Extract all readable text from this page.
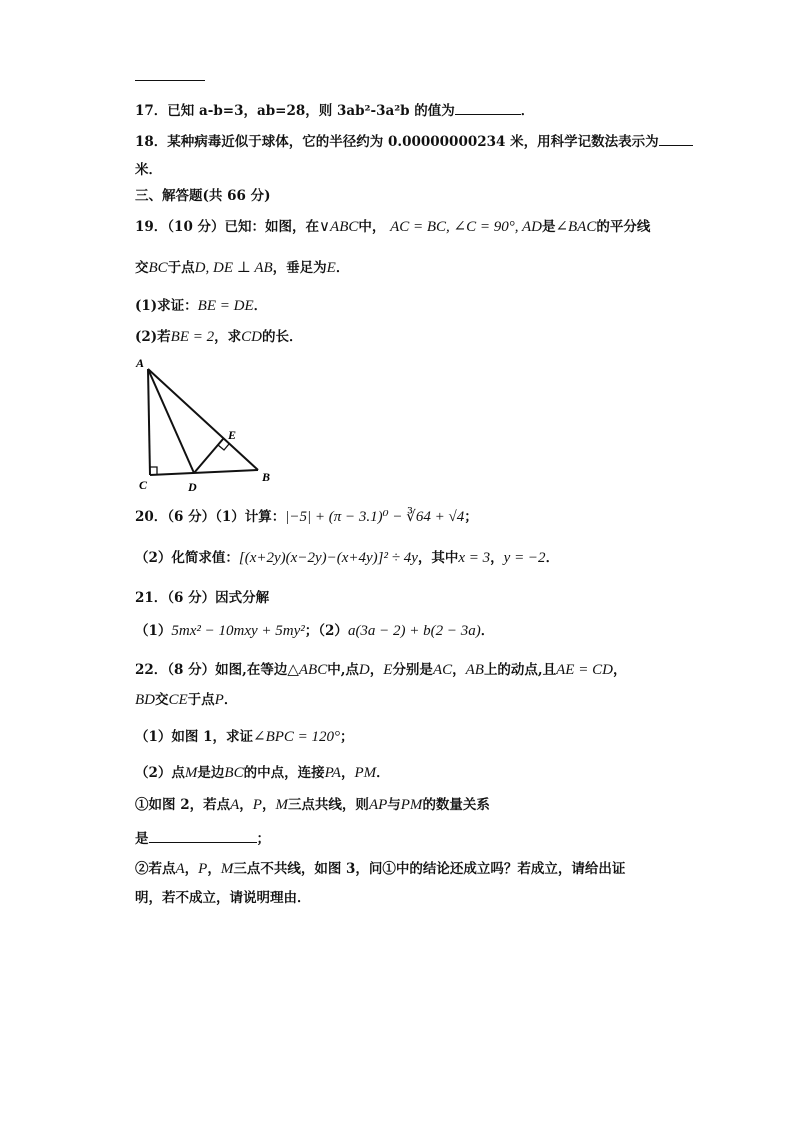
17．已知 a-b=3，ab=28，则 3ab²-3a²b 的值为	．
18．某种病毒近似于球体，它的半径约为 0.00000000234 米，用科学记数法表示为
米．
三、解答题(共 66 分)
19．（10 分）已知：如图，在∨ABC中， AC = BC, ∠C = 90°, AD是∠BAC的平分线
交BC于点D, DE ⊥ AB，垂足为E．
(1)求证：BE = DE．
(2)若BE = 2，求CD的长．
A
C	D
E
B
20．（6 分）（1）计算：|−5| + (π − 3.1)⁰ − ∛64 + √4；
（2）化简求值：[(x+2y)(x−2y)−(x+4y)]² ÷ 4y，其中x = 3，y = −2．
21．（6 分）因式分解
（1）5mx² − 10mxy + 5my²；（2）a(3a − 2) + b(2 − 3a)．
22．（8 分）如图,在等边△ABC中,点D，E分别是AC，AB上的动点,且AE = CD，
BD交CE于点P．
（1）如图 1，求证∠BPC = 120°；
（2）点M是边BC的中点，连接PA，PM．
①如图 2，若点A，P，M三点共线，则AP与PM的数量关系
是	；
②若点A，P，M三点不共线，如图 3，问①中的结论还成立吗？若成立，请给出证
明，若不成立，请说明理由．
